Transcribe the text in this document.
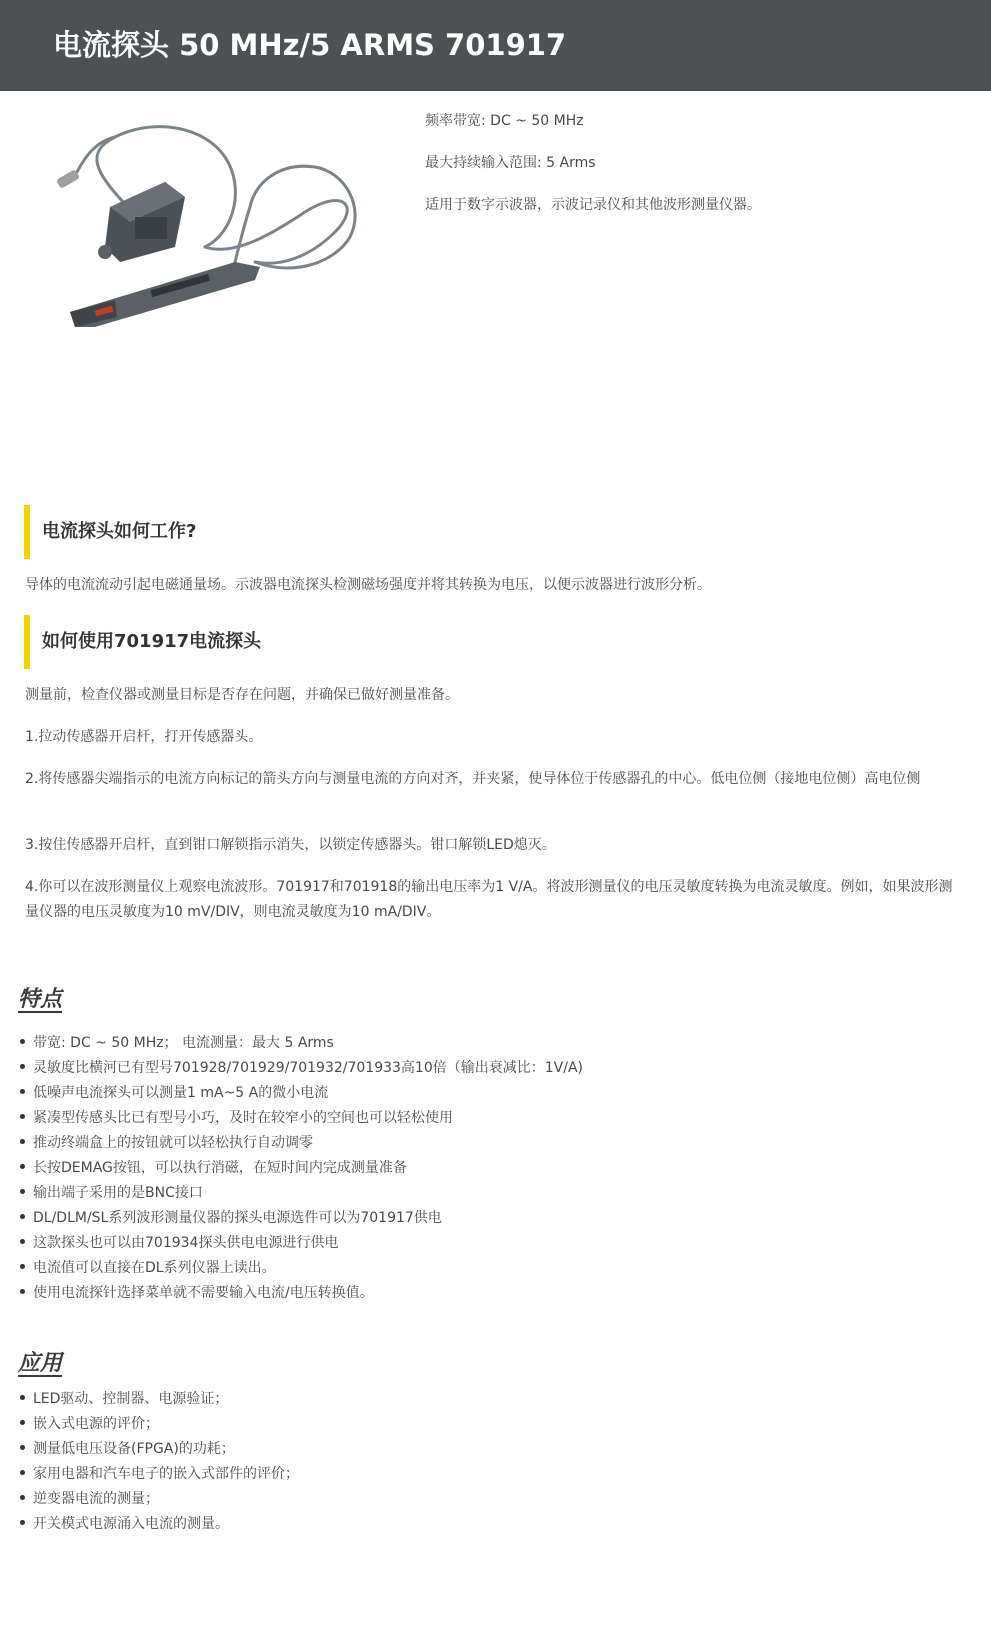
电流探头 50 MHz/5 ARMS 701917
频率带宽: DC ~ 50 MHz
最大持续输入范围: 5 Arms
适用于数字示波器，示波记录仪和其他波形测量仪器。
电流探头如何工作?
导体的电流流动引起电磁通量场。示波器电流探头检测磁场强度并将其转换为电压，以便示波器进行波形分析。
如何使用701917电流探头
测量前，检查仪器或测量目标是否存在问题，并确保已做好测量准备。
1.拉动传感器开启杆，打开传感器头。
2.将传感器尖端指示的电流方向标记的箭头方向与测量电流的方向对齐，并夹紧，使导体位于传感器孔的中心。低电位侧（接地电位侧）高电位侧
3.按住传感器开启杆，直到钳口解锁指示消失，以锁定传感器头。钳口解锁LED熄灭。
4.你可以在波形测量仪上观察电流波形。701917和701918的输出电压率为1 V/A。将波形测量仪的电压灵敏度转换为电流灵敏度。例如，如果波形测量仪器的电压灵敏度为10 mV/DIV，则电流灵敏度为10 mA/DIV。
特点
带宽: DC ~ 50 MHz； 电流测量：最大 5 Arms
灵敏度比横河已有型号701928/701929/701932/701933高10倍（输出衰减比：1V/A)
低噪声电流探头可以测量1 mA~5 A的微小电流
紧凑型传感头比已有型号小巧，及时在较窄小的空间也可以轻松使用
推动终端盒上的按钮就可以轻松执行自动调零
长按DEMAG按钮，可以执行消磁，在短时间内完成测量准备
输出端子采用的是BNC接口
DL/DLM/SL系列波形测量仪器的探头电源选件可以为701917供电
这款探头也可以由701934探头供电电源进行供电
电流值可以直接在DL系列仪器上读出。
使用电流探针选择菜单就不需要输入电流/电压转换值。
应用
LED驱动、控制器、电源验证；
嵌入式电源的评价；
测量低电压设备(FPGA)的功耗；
家用电器和汽车电子的嵌入式部件的评价；
逆变器电流的测量；
开关模式电源涌入电流的测量。
